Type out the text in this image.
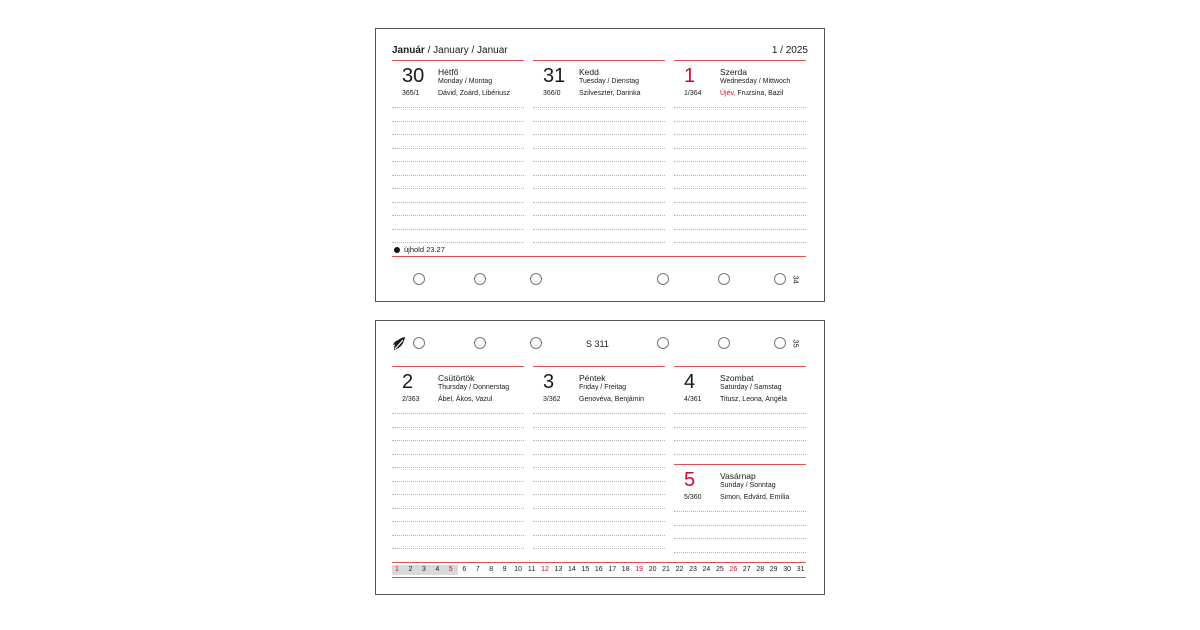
Január / January / Januar	1 / 2025
30 Hétfő
Monday / Montag
365/1	Dávid, Zoárd, Libériusz
31 Kedd
Tuesday / Dienstag
366/0	Szilveszter, Darinka
1	Szerda
Wednesday / Mittwoch
1/364	Újév, Fruzsina, Bazil
újhold 23.27
34
S 311	35
2	Csütörtök
Thursday / Donnerstag
2/363	Ábel, Ákos, Vazul
3	Péntek
Friday / Freitag
3/362	Genovéva, Benjámin
4	Szombat
Saturday / Samstag
4/361	Titusz, Leona, Angéla
5	Vasárnap
Sunday / Sonntag
5/360	Simon, Edvárd, Emília
1	2	3	4	5	6	7	8	9	10 11 12 13 14 15 16 17 18 19 20 21 22 23 24 25 26 27 28 29 30 31
